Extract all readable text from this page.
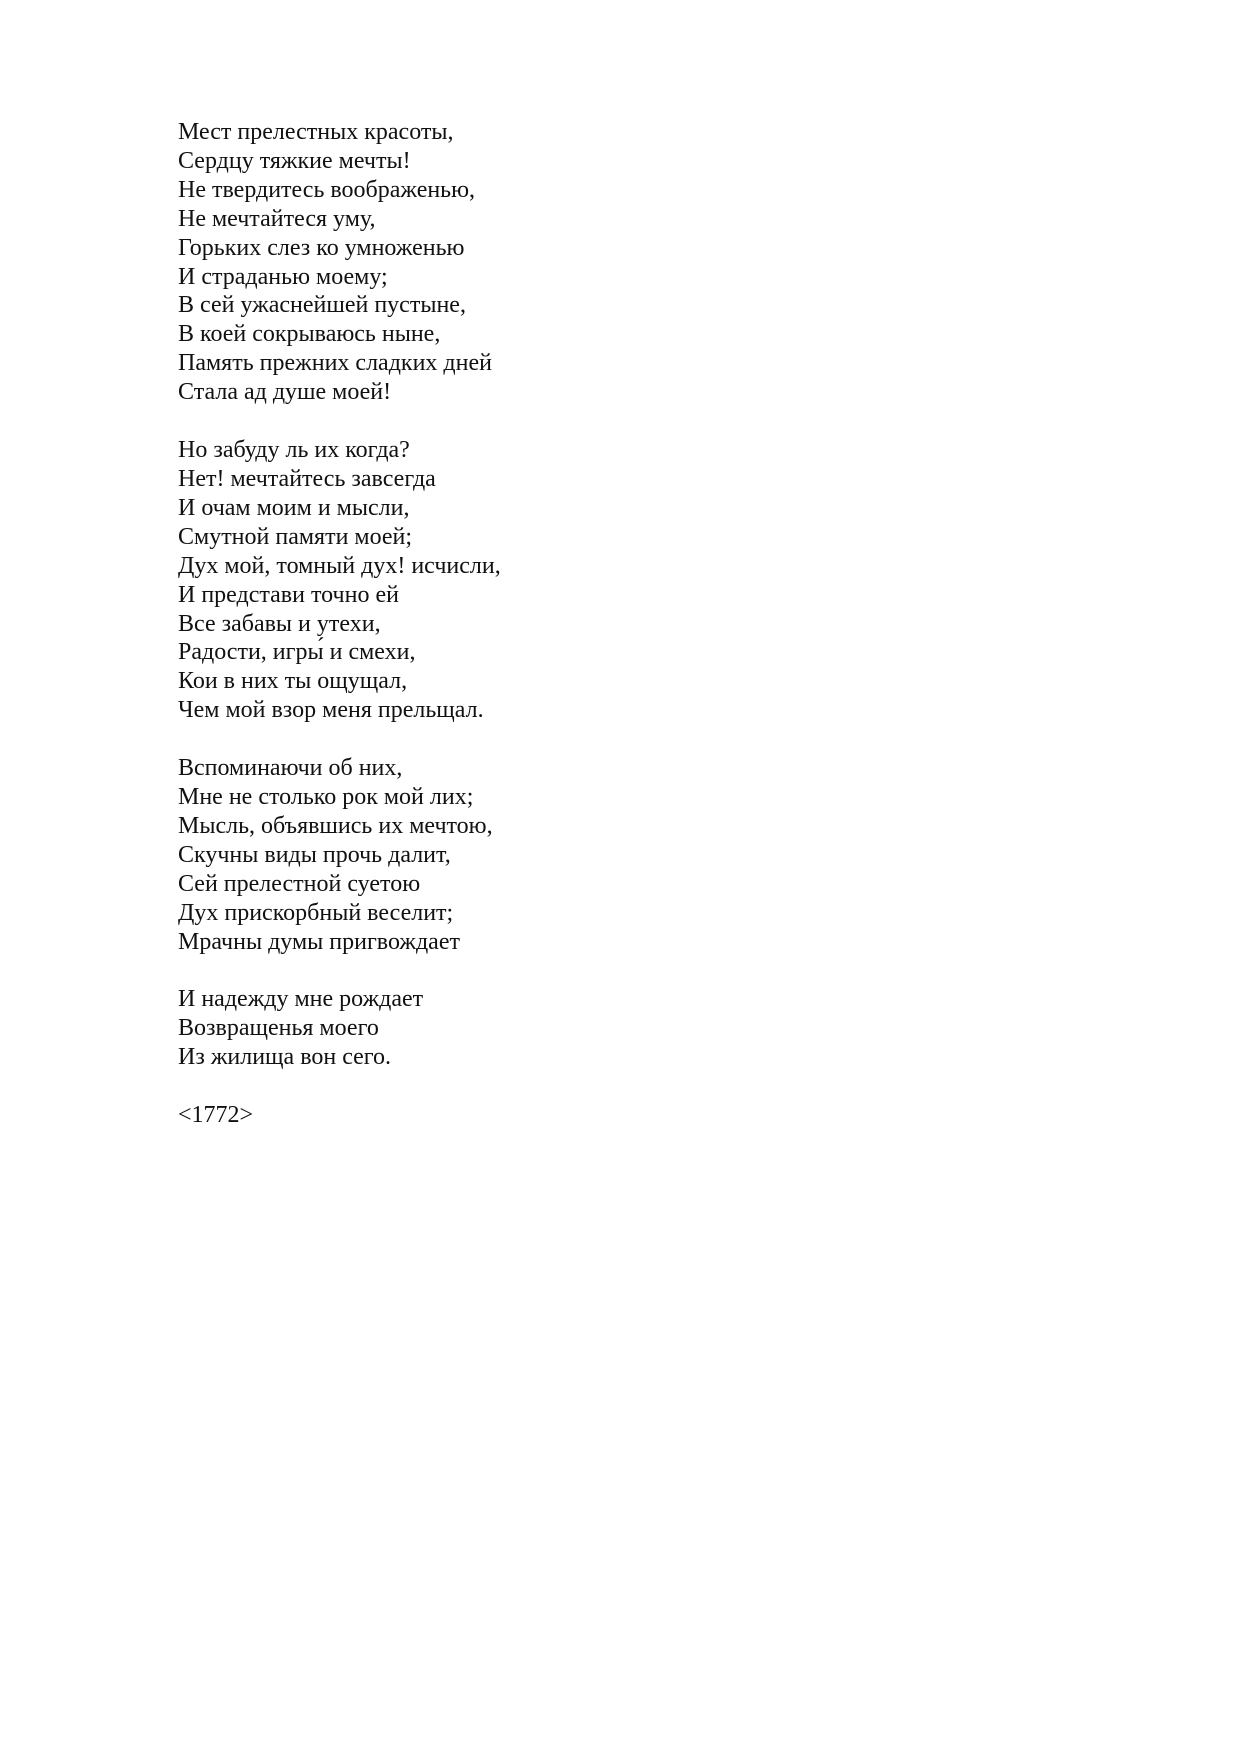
Мест прелестных красоты,
Сердцу тяжкие мечты!
Не твердитесь воображенью,
Не мечтайтеся уму,
Горьких слез ко умноженью
И страданью моему;
В сей ужаснейшей пустыне,
В коей сокрываюсь ныне,
Память прежних сладких дней
Стала ад душе моей!
Но забуду ль их когда?
Нет! мечтайтесь завсегда
И очам моим и мысли,
Смутной памяти моей;
Дух мой, томный дух! исчисли,
И представи точно ей
Все забавы и утехи,
Радости, игры́ и смехи,
Кои в них ты ощущал,
Чем мой взор меня прельщал.
Вспоминаючи об них,
Мне не столько рок мой лих;
Мысль, объявшись их мечтою,
Скучны виды прочь далит,
Сей прелестной суетою
Дух прискорбный веселит;
Мрачны думы пригвождает
И надежду мне рождает
Возвращенья моего
Из жилища вон сего.
<1772>
